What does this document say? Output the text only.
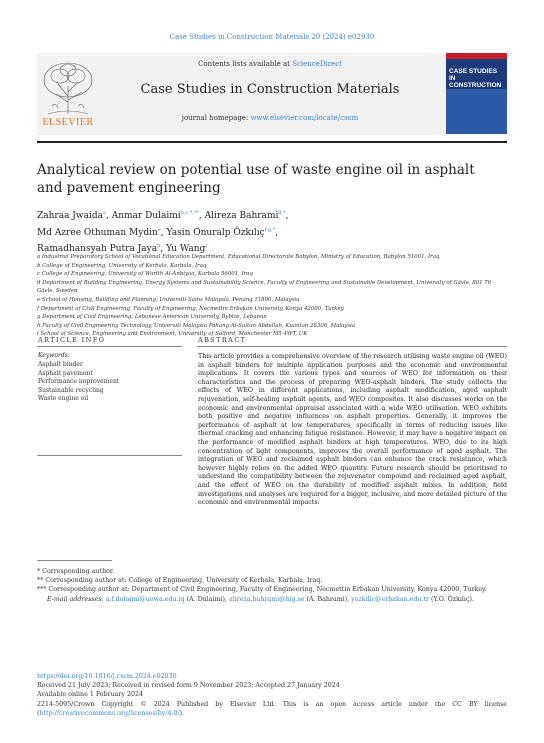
Case Studies in Construction Materials 20 (2024) e02930
ELSEVIER
Contents lists available at ScienceDirect
Case Studies in Construction Materials
journal homepage: www.elsevier.com/locate/cscm
CASE STUDIES IN CONSTRUCTION
Analytical review on potential use of waste engine oil in asphalt and pavement engineering
Zahraa Jwaida$^a$, Anmar Dulaimi$^{b,c,*,**}$, Alireza Bahrami$^{d,*}$,
Md Azree Othuman Mydin$^e$, Yasin Onuralp Özkılıç$^{f,g,*}$,
Ramadhansyah Putra Jaya$^h$, Yu Wang$^i$
a Industrial Preparatory School of Vocational Education Department, Educational Directorate Babylon, Ministry of Education, Babylon 51001, Iraq
b College of Engineering, University of Kerbala, Karbala, Iraq
c College of Engineering, University of Warith Al-Anbiyaa, Karbala 56001, Iraq
d Department of Building Engineering, Energy Systems and Sustainability Science, Faculty of Engineering and Sustainable Development, University of Gävle, 801 76 Gävle, Sweden
e School of Housing, Building and Planning, Universiti Sains Malaysia, Penang 11800, Malaysia
f Department of Civil Engineering, Faculty of Engineering, Necmettin Erbakan University, Konya 42000, Turkey
g Department of Civil Engineering, Lebanese American University, Byblos, Lebanon
h Faculty of Civil Engineering Technology, Universiti Malaysia Pahang Al-Sultan Abdullah, Kuantan 26300, Malaysia
i School of Science, Engineering and Environment, University of Salford, Manchester M5 4WT, UK
ARTICLE INFO
Keywords:
Asphalt binder
Asphalt pavement
Performance improvement
Sustainable recycling
Waste engine oil
ABSTRACT
This article provides a comprehensive overview of the research utilising waste engine oil (WEO) in asphalt binders for multiple application purposes and the economic and environmental implications. It covers the various types and sources of WEO for information on their characteristics and the process of preparing WEO-asphalt binders. The study collects the effects of WEO in different applications, including asphalt modification, aged asphalt rejuvenation, self-healing asphalt agents, and WEO composites. It also discusses works on the economic and environmental appraisal associated with a wide WEO utilisation. WEO exhibits both positive and negative influences on asphalt properties. Generally, it improves the performance of asphalt at low temperatures, specifically in terms of reducing issues like thermal cracking and enhancing fatigue resistance. However, it may have a negative impact on the performance of modified asphalt binders at high temperatures. WEO, due to its high concentration of light components, improves the overall performance of aged asphalt. The integration of WEO and reclaimed asphalt binders can enhance the crack resistance, which however highly relies on the added WEO quantity. Future research should be prioritised to understand the compatibility between the rejuvenator compound and reclaimed aged asphalt, and the effect of WEO on the durability of modified asphalt mixes. In addition, field investigations and analyses are required for a bigger, inclusive, and more detailed picture of the economic and environmental impacts.
* Corresponding author.
** Corresponding author at: College of Engineering, University of Kerbala, Karbala, Iraq.
*** Corresponding author at: Department of Civil Engineering, Faculty of Engineering, Necmettin Erbakan University, Konya 42000, Turkey.
E-mail addresses: a.f.dulaimi@uowa.edu.iq (A. Dulaimi), alireza.bahrami@hig.se (A. Bahrami), yozkilic@erbakan.edu.tr (Y.O. Özkılıç).
https://doi.org/10.1016/j.cscm.2024.e02930
Received 21 July 2023; Received in revised form 9 November 2023; Accepted 27 January 2024
Available online 1 February 2024
2214-5095/Crown Copyright © 2024 Published by Elsevier Ltd. This is an open access article under the CC BY license (http://creativecommons.org/licenses/by/4.0/).
